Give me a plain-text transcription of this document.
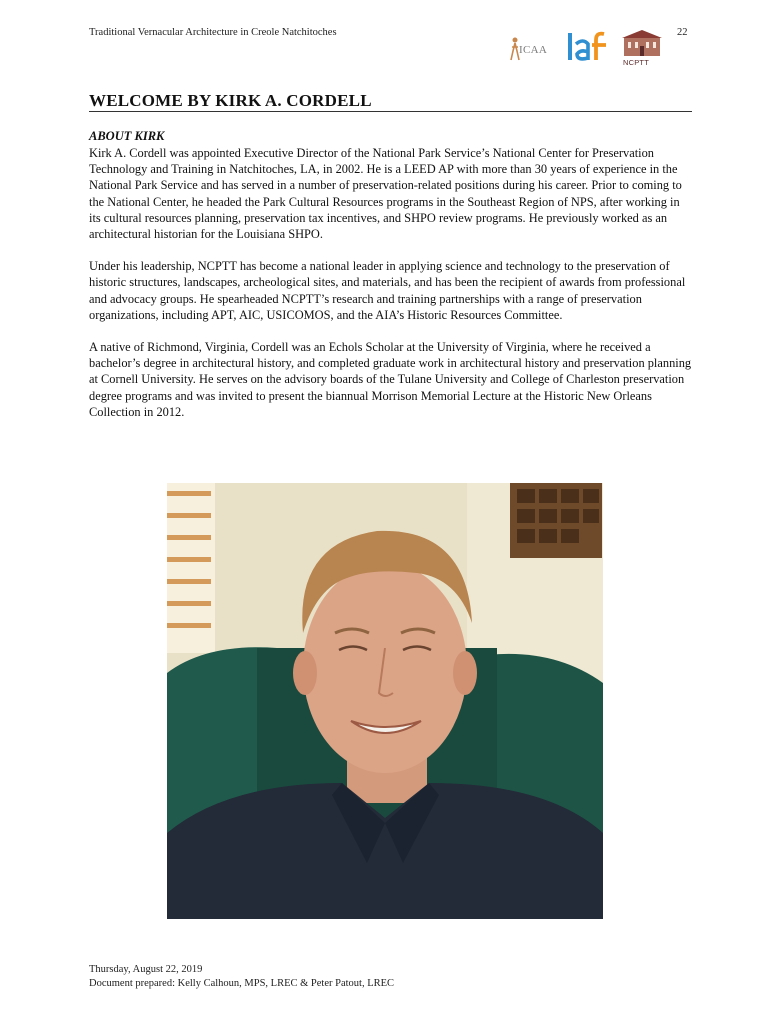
Traditional Vernacular Architecture in Creole Natchitoches
ICAA
NCPTT
22
WELCOME BY KIRK A. CORDELL
ABOUT KIRK

Kirk A. Cordell was appointed Executive Director of the National Park Service’s National Center for Preservation Technology and Training in Natchitoches, LA, in 2002. He is a LEED AP with more than 30 years of experience in the National Park Service and has served in a number of preservation-related positions during his career. Prior to coming to the National Center, he headed the Park Cultural Resources programs in the Southeast Region of NPS, after working in its cultural resources planning, preservation tax incentives, and SHPO review programs. He previously worked as an architectural historian for the Louisiana SHPO.

Under his leadership, NCPTT has become a national leader in applying science and technology to the preservation of historic structures, landscapes, archeological sites, and materials, and has been the recipient of awards from professional and advocacy groups. He spearheaded NCPTT’s research and training partnerships with a range of preservation organizations, including APT, AIC, USICOMOS, and the AIA’s Historic Resources Committee.

A native of Richmond, Virginia, Cordell was an Echols Scholar at the University of Virginia, where he received a bachelor’s degree in architectural history, and completed graduate work in architectural history and preservation planning at Cornell University. He serves on the advisory boards of the Tulane University and College of Charleston preservation degree programs and was invited to present the biannual Morrison Memorial Lecture at the Historic New Orleans Collection in 2012.

Thursday, August 22, 2019
Document prepared: Kelly Calhoun, MPS, LREC & Peter Patout, LREC
